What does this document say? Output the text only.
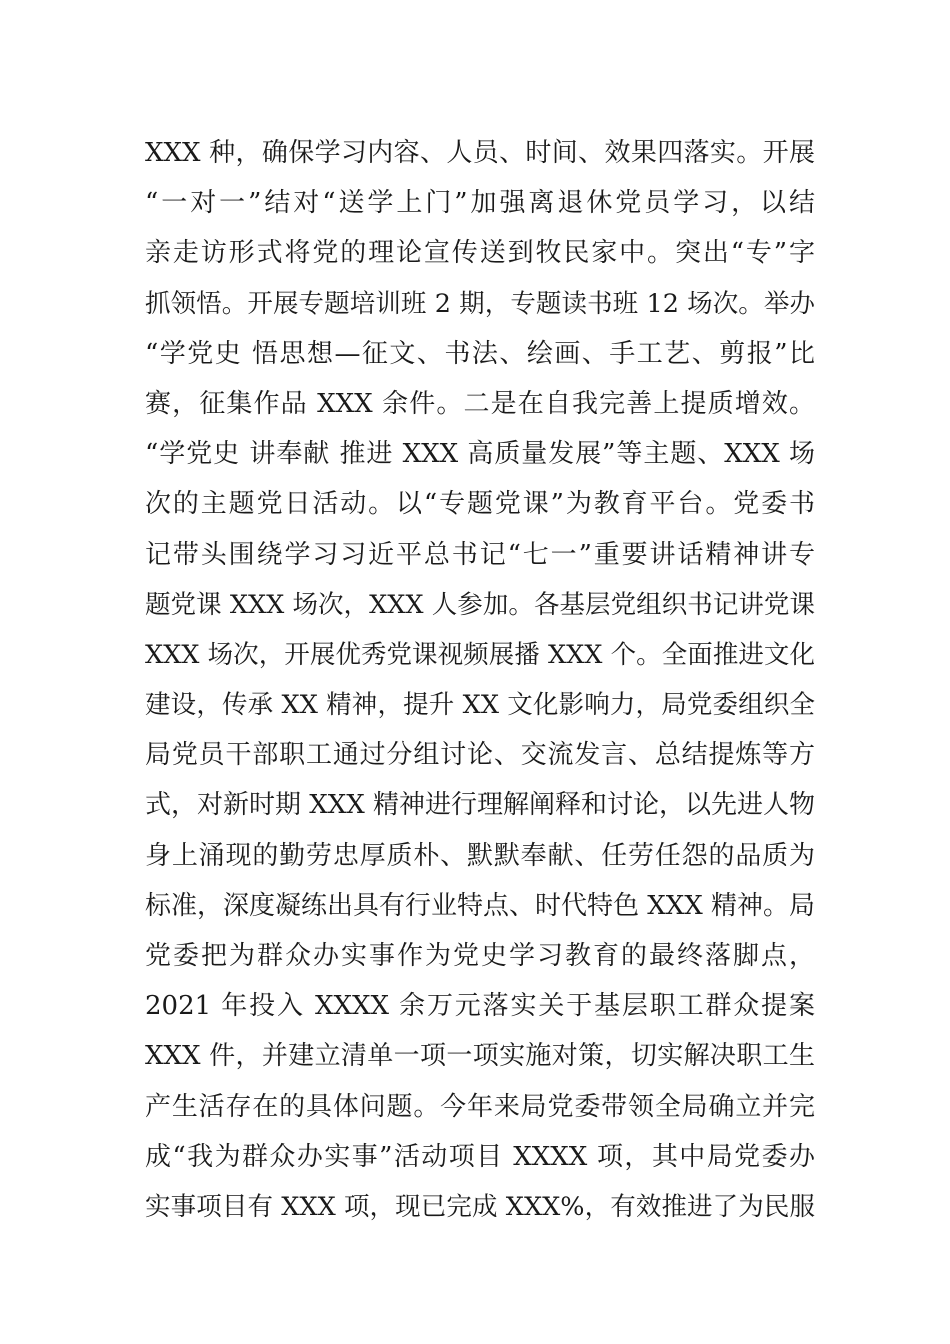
XXX 种，确保学习内容、人员、时间、效果四落实。开展
“一对一”结对“送学上门”加强离退休党员学习，以结
亲走访形式将党的理论宣传送到牧民家中。突出“专”字
抓领悟。开展专题培训班 2 期，专题读书班 12 场次。举办
“学党史 悟思想—征文、书法、绘画、手工艺、剪报”比
赛，征集作品 XXX 余件。二是在自我完善上提质增效。
“学党史 讲奉献 推进 XXX 高质量发展”等主题、XXX 场
次的主题党日活动。以“专题党课”为教育平台。党委书
记带头围绕学习习近平总书记“七一”重要讲话精神讲专
题党课 XXX 场次，XXX 人参加。各基层党组织书记讲党课
XXX 场次，开展优秀党课视频展播 XXX 个。全面推进文化
建设，传承 XX 精神，提升 XX 文化影响力，局党委组织全
局党员干部职工通过分组讨论、交流发言、总结提炼等方
式，对新时期 XXX 精神进行理解阐释和讨论，以先进人物
身上涌现的勤劳忠厚质朴、默默奉献、任劳任怨的品质为
标准，深度凝练出具有行业特点、时代特色 XXX 精神。局
党委把为群众办实事作为党史学习教育的最终落脚点，
2021 年投入 XXXX 余万元落实关于基层职工群众提案
XXX 件，并建立清单一项一项实施对策，切实解决职工生
产生活存在的具体问题。今年来局党委带领全局确立并完
成“我为群众办实事”活动项目 XXXX 项，其中局党委办
实事项目有 XXX 项，现已完成 XXX%，有效推进了为民服
